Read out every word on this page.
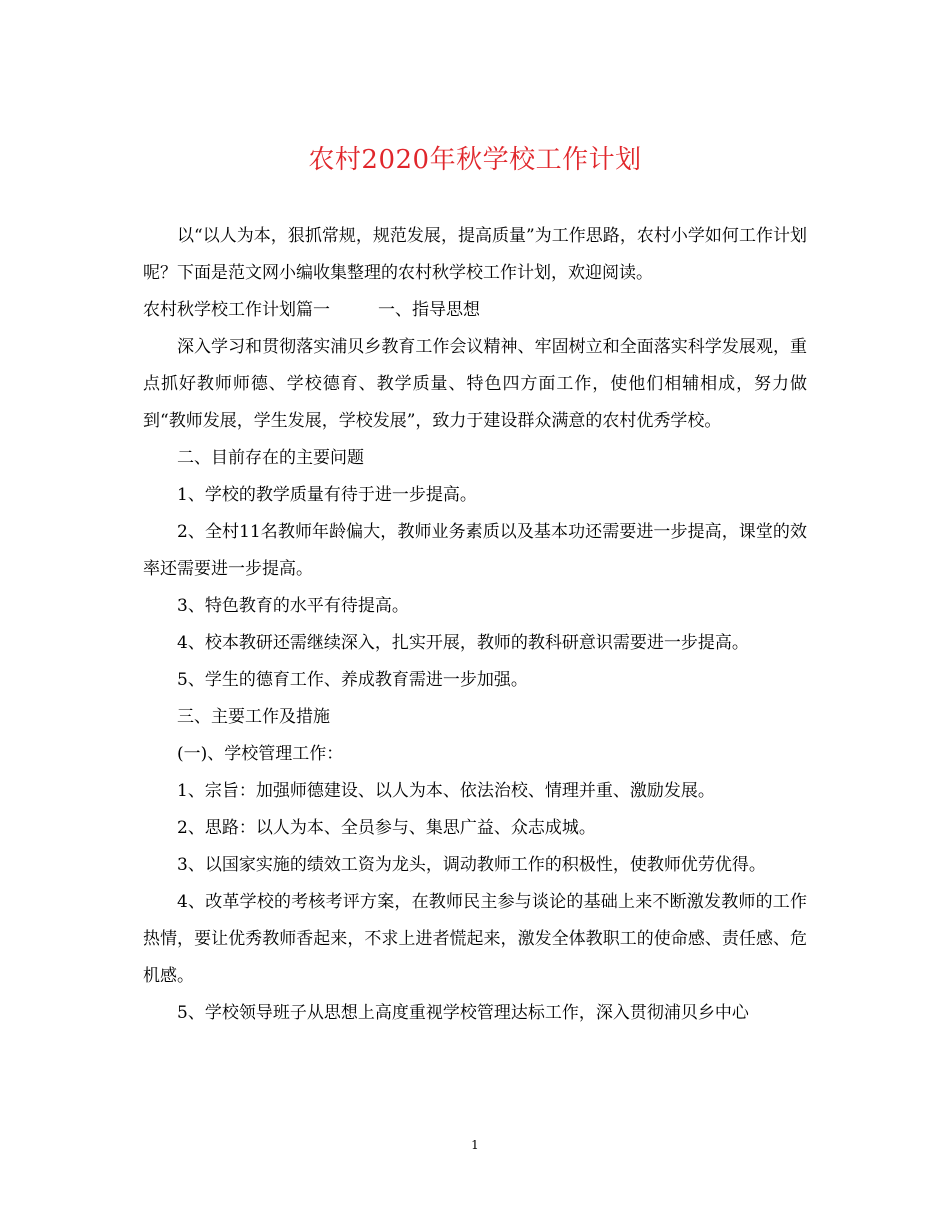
农村2020年秋学校工作计划

以“以人为本，狠抓常规，规范发展，提高质量”为工作思路，农村小学如何工作计划呢？下面是范文网小编收集整理的农村秋学校工作计划，欢迎阅读。

农村秋学校工作计划篇一	一、指导思想

深入学习和贯彻落实浦贝乡教育工作会议精神、牢固树立和全面落实科学发展观，重点抓好教师师德、学校德育、教学质量、特色四方面工作，使他们相辅相成，努力做到“教师发展，学生发展，学校发展”，致力于建设群众满意的农村优秀学校。

二、目前存在的主要问题

1、学校的教学质量有待于进一步提高。

2、全村11名教师年龄偏大，教师业务素质以及基本功还需要进一步提高，课堂的效率还需要进一步提高。

3、特色教育的水平有待提高。

4、校本教研还需继续深入，扎实开展，教师的教科研意识需要进一步提高。

5、学生的德育工作、养成教育需进一步加强。

三、主要工作及措施

(一)、学校管理工作：

1、宗旨：加强师德建设、以人为本、依法治校、情理并重、激励发展。

2、思路：以人为本、全员参与、集思广益、众志成城。

3、以国家实施的绩效工资为龙头，调动教师工作的积极性，使教师优劳优得。

4、改革学校的考核考评方案，在教师民主参与谈论的基础上来不断激发教师的工作热情，要让优秀教师香起来，不求上进者慌起来，激发全体教职工的使命感、责任感、危机感。

5、学校领导班子从思想上高度重视学校管理达标工作，深入贯彻浦贝乡中心

1
